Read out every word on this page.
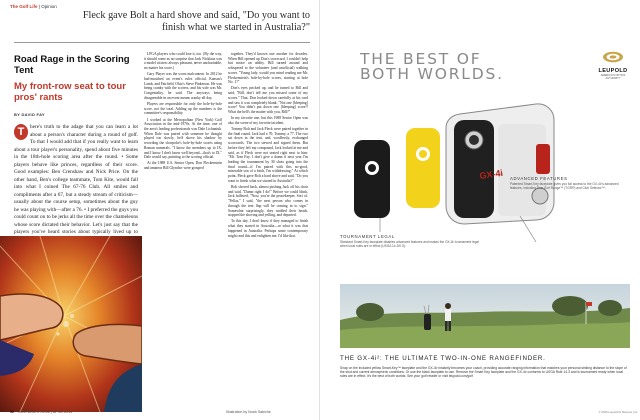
The Golf Life | Opinion
Fleck gave Bolt a hard shove and said, "Do you want to finish what we started in Australia?"
Road Rage in the Scoring Tent
My front-row seat to tour pros' rants
BY DAVID FAY
here's truth to the adage that you can learn a lot about a person's character during a round of golf. To that I would add that if you really want to learn about a tour player's personality, spend about five minutes in the 18th-hole scoring area after the round. • Some players behave like princes, regardless of their score. Good examples: Ben Crenshaw and Nick Price. On the other hand, Ben's college teammate, Tom Kite, would fall into what I coined The 67-76 Club. All smiles and compliments after a 67, but a steady stream of criticism—usually about the course setup, sometimes about the guy he was playing with—after a 76. • I preferred the guys you could count on to be jerks all the time over the chameleons whose score dictated their behavior. Let's just say that the players you've heard stories about typically lived up to
T

LPGA players who could lose it, too. (By the way, it should come as no surprise that Jack Nicklaus was a model citizen: always pleasant, never uncharitable, no matter his score.)

Gary Player was the worst malcontent. In 2012 he bad-mouthed an event's rules official, Kansas's Lamb, and Fairfield, Ohio's Steve Pinkerton. He was being cranky with the scorers, and his wife was Mr. Congeniality, he said. The anyways being disagreeable in an event means cranky all day.

Players are responsible for only the hole-by-hole score, not the total. Adding up the numbers is the committee's responsibility.

I worked at the Metropolitan (New York) Golf Association in the mid-1970s. At the time, one of the area's leading professionals was Dale Lichaniuk. When Dale was paired with someone he thought played too slowly, he'd shove his shadow by recording the slowpoke's hole-by-hole scores using Roman numerals. "I know the members up to IX, and I know I don't know well beyond—that's to IX," Dale would say, pointing to the scoring official.

At the 1988 U.S. Senior Open, Don Fleckenstein and amateur Bill Glyndwr were grouped

together. They'd known one another for decades. When Bill opened up Don's scorecard, I couldn't help but notice an oddity. Bill turned around and whispered to the volunteer (and unofficial) walking scorer. "Young lady, would you mind reading me Mr. Fleckenstein's hole-by-hole scores, starting at hole No. 1?"

Don's eyes pricked up, and he turned to Bill and said, "Bill, don't tell me you missed some of my scores." That, Don looked down carefully at his card and saw it was completely blank. "Not one [bleeping] score! You didn't put down one [bleeping] score!! What the hell's the matter with you, Bill?"

In my favorite one, but this 1988 Senior Open was also the scene of my favorite incident.

Tommy Bolt and Jack Fleck were paired together in the final round. Jack had a 70; Tommy, a 77. The two sat down in the tent, and, wordlessly, exchanged scorecards. The two stewed and signed them. But before they left my compound, Jack looked at me and said, as if Fleck were not seated right next to him: "Mr. Tom Fay, I don't give a damn if next year I'm leading the tournament by 30 shots going into the final round—if I'm paired with this no-good, miserable son of a bitch, I'm withdrawing." At which point, Fleck gave Bolt a hard shove and said, "Do you want to finish what we started in Australia?"

Bolt shoved back, almost pushing Jack off his chair and said, "Damn right I do!" Before we could blink, Jack hollered, "Now, you're the peacekeeper, Sort of. "Fellas," I said, "the next person who comes in through the tent flap will be coming in to sign." Somewhat surprisingly, they nodded their heads, stopped the shoving and yelling, and departed.

To this day, I don't know if they managed to finish what they started in Australia—or what it was that happened in Australia. Perhaps some contemporary might read this and enlighten me. I'd like that.

92 GOLFDIGEST.COM | APRIL 2015	Illustration by Noah Sabiche
LEUPOLD
AMERICA'S OPTICS AUTHORITY
THE BEST OF
BOTH WORLDS.
GX-4i ADVANCED FEATURES
Patented Smart-Key faceplate gives you full access to the GX-4i²'s advanced features, including True Golf Range™ (TGR®) and Club Selector™.
TOURNAMENT LEGAL
Standard Smart-Key faceplate disables advanced features and makes the GX-4i² tournament legal when local rules are in effect (USGA 14-3/0.5).
THE GX-4i²: THE ULTIMATE TWO-IN-ONE RANGEFINDER.
Snap on the included yellow Smart-Key™ faceplate and the GX-4i² instantly becomes your coach, providing accurate ranging information that matches your personal striking distance to the slope of the shot and current atmospheric conditions. Or use the black faceplate to use. Remove the Smart Key faceplate and the GX-4i² conforms to USGA Rule 14-3 and is tournament ready when local rules are in effect. It's the best of both worlds. See your golf retailer or visit leupold.com/golf
© 2015 Leupold & Stevens, Inc.
